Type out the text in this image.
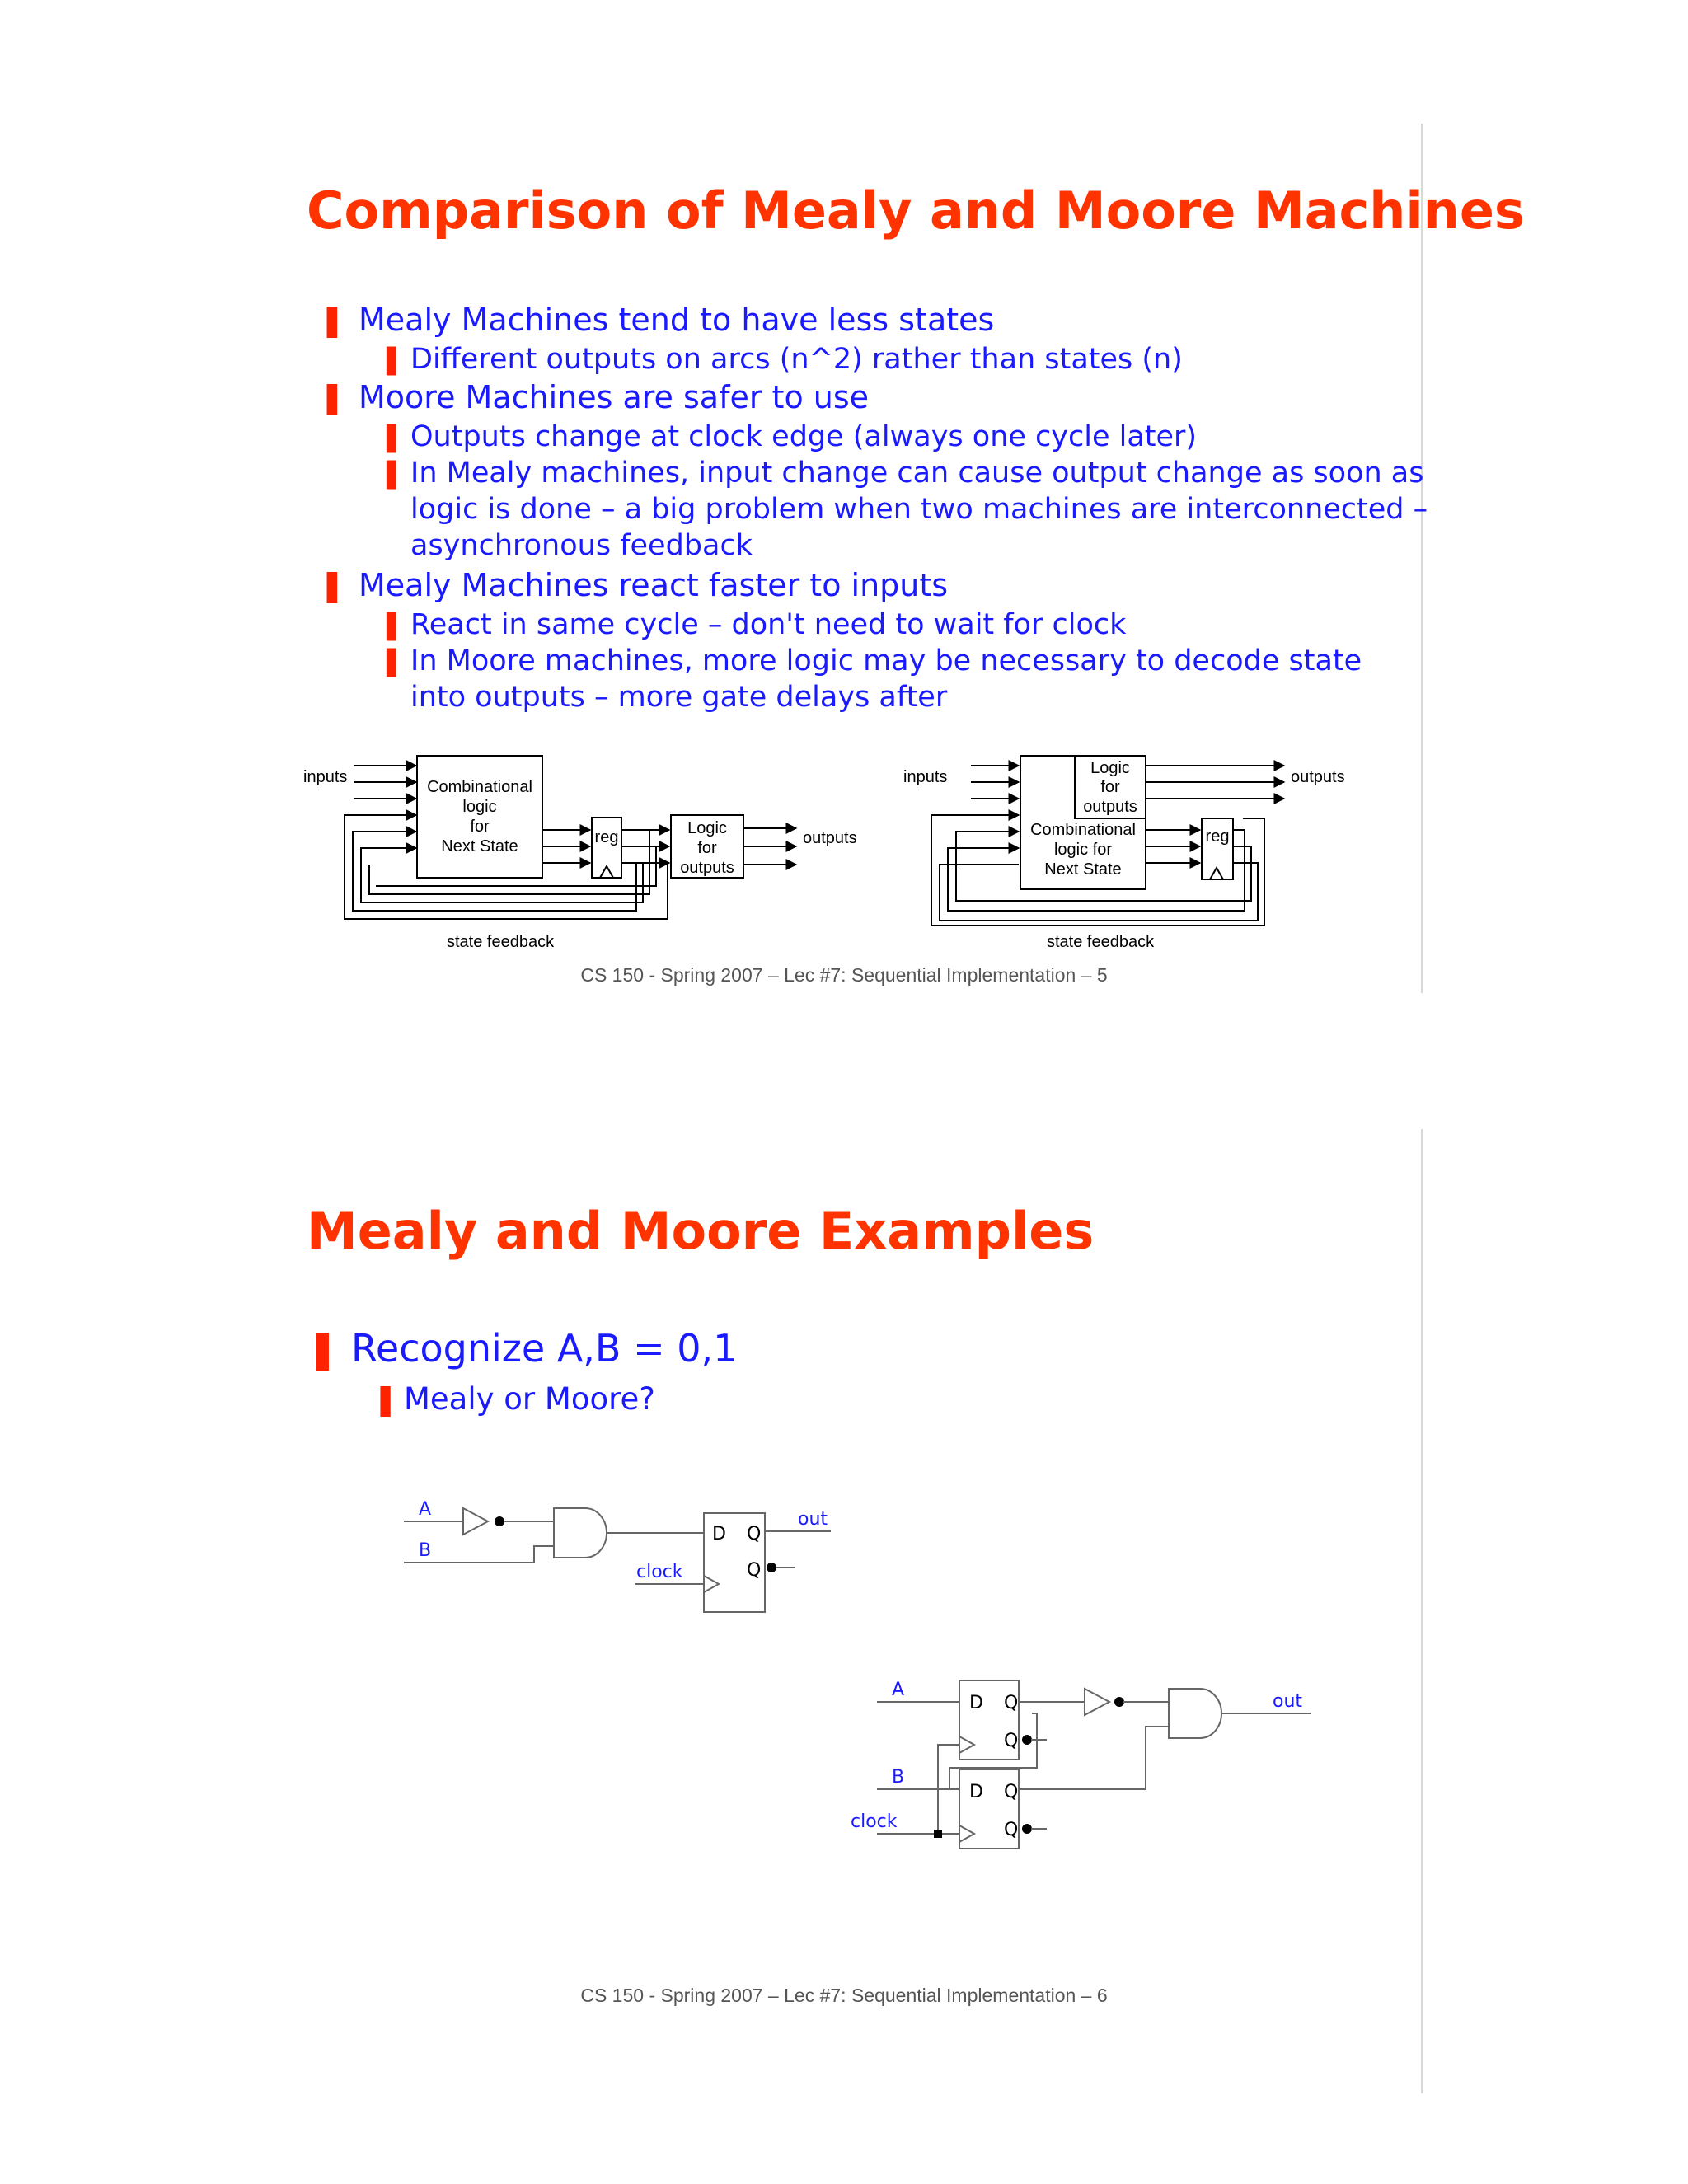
Comparison of Mealy and Moore Machines
❚ Mealy Machines tend to have less states
❚ Different outputs on arcs (n^2) rather than states (n)
❚ Moore Machines are safer to use
❚ Outputs change at clock edge (always one cycle later)
❚ In Mealy machines, input change can cause output change as soon as
logic is done – a big problem when two machines are interconnected –
asynchronous feedback
❚ Mealy Machines react faster to inputs
❚ React in same cycle – don't need to wait for clock
❚ In Moore machines, more logic may be necessary to decode state
into outputs – more gate delays after
inputs
Combinational
logic
for
Next State	reg	Logic
for
outputs
outputs
state feedback
inputs	Logic
for
outputs
Combinational
logic for
Next State
reg
outputs
state feedback
CS 150 - Spring 2007 – Lec #7: Sequential Implementation – 5
Mealy and Moore Examples
❚ Recognize A,B = 0,1
❚ Mealy or Moore?
A
B
clock
out
D Q
Q
A
B
clock
out
D Q
Q
D Q
Q
CS 150 - Spring 2007 – Lec #7: Sequential Implementation – 6
